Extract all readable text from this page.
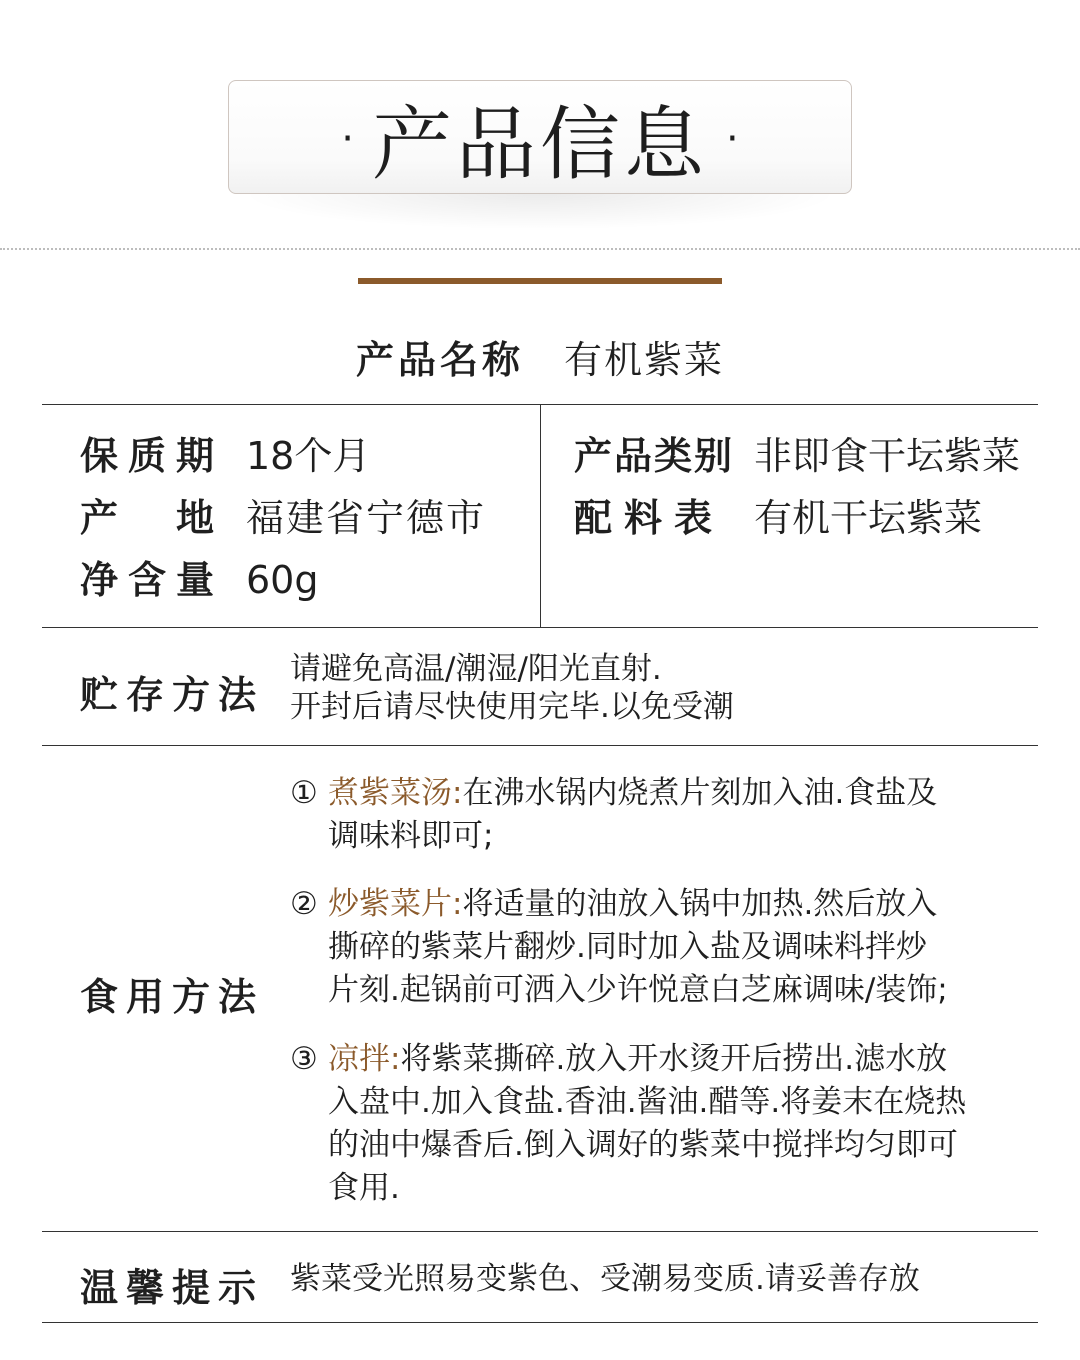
· 产品信息 ·
产品名称 有机紫菜
保质期 18个月
产　地 福建省宁德市
净含量 60g
产品类别 非即食干坛紫菜
配料表 有机干坛紫菜
贮存方法
请避免高温/潮湿/阳光直射.
开封后请尽快使用完毕.以免受潮
食用方法
① 煮紫菜汤:在沸水锅内烧煮片刻加入油.食盐及
调味料即可;
② 炒紫菜片:将适量的油放入锅中加热.然后放入
撕碎的紫菜片翻炒.同时加入盐及调味料拌炒
片刻.起锅前可洒入少许悦意白芝麻调味/装饰;
③ 凉拌:将紫菜撕碎.放入开水烫开后捞出.滤水放
入盘中.加入食盐.香油.酱油.醋等.将姜末在烧热
的油中爆香后.倒入调好的紫菜中搅拌均匀即可
食用.
温馨提示 紫菜受光照易变紫色、受潮易变质.请妥善存放
